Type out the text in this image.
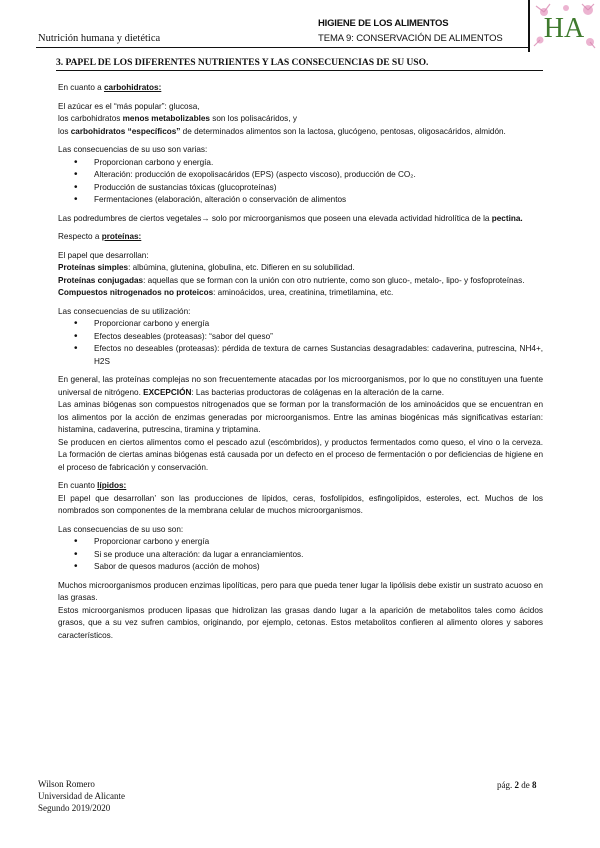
Nutrición humana y dietética
HIGIENE DE LOS ALIMENTOS
TEMA 9: CONSERVACIÓN DE ALIMENTOS HA
3. PAPEL DE LOS DIFERENTES NUTRIENTES Y LAS CONSECUENCIAS DE SU USO.

En cuanto a carbohidratos:

El azúcar es el “más popular”: glucosa,

los carbohidratos menos metabolizables son los polisacáridos, y

los carbohidratos “específicos” de determinados alimentos son la lactosa, glucógeno, pentosas, oligosacáridos, almidón.

Las consecuencias de su uso son varias:

• Proporcionan carbono y energía.
• Alteración: producción de exopolisacáridos (EPS) (aspecto viscoso), producción de CO₂.
• Producción de sustancias tóxicas (glucoproteínas)
• Fermentaciones (elaboración, alteración o conservación de alimentos

Las podredumbres de ciertos vegetales→ solo por microorganismos que poseen una elevada actividad hidrolítica de la pectina.

Respecto a proteínas:

El papel que desarrollan:

Proteínas simples: albúmina, glutenina, globulina, etc. Difieren en su solubilidad.

Proteínas conjugadas: aquellas que se forman con la unión con otro nutriente, como son gluco-, metalo-, lipo- y fosfoproteínas.

Compuestos nitrogenados no proteicos: aminoácidos, urea, creatinina, trimetilamina, etc.

Las consecuencias de su utilización:

• Proporcionar carbono y energía
• Efectos deseables (proteasas): “sabor del queso”
• Efectos no deseables (proteasas): pérdida de textura de carnes Sustancias desagradables: cadaverina, putrescina, NH4+, H2S

En general, las proteínas complejas no son frecuentemente atacadas por los microorganismos, por lo que no constituyen una fuente universal de nitrógeno. EXCEPCIÓN: Las bacterias productoras de colágenas en la alteración de la carne.

Las aminas biógenas son compuestos nitrogenados que se forman por la transformación de los aminoácidos que se encuentran en los alimentos por la acción de enzimas generadas por microorganismos. Entre las aminas biogénicas más significativas estarían: histamina, cadaverina, putrescina, tiramina y triptamina.

Se producen en ciertos alimentos como el pescado azul (escómbridos), y productos fermentados como queso, el vino o la cerveza. La formación de ciertas aminas biógenas está causada por un defecto en el proceso de fermentación o por deficiencias de higiene en el proceso de fabricación y conservación.

En cuanto lípidos:

El papel que desarrollan’ son las producciones de lípidos, ceras, fosfolípidos, esfingolípidos, esteroles, ect. Muchos de los nombrados son componentes de la membrana celular de muchos microorganismos.

Las consecuencias de su uso son:

• Proporcionar carbono y energía
• Si se produce una alteración: da lugar a enranciamientos.
• Sabor de quesos maduros (acción de mohos)

Muchos microorganismos producen enzimas lipolíticas, pero para que pueda tener lugar la lipólisis debe existir un sustrato acuoso en las grasas.

Estos microorganismos producen lipasas que hidrolizan las grasas dando lugar a la aparición de metabolitos tales como ácidos grasos, que a su vez sufren cambios, originando, por ejemplo, cetonas. Estos metabolitos confieren al alimento olores y sabores característicos.

Wilson Romero
Universidad de Alicante
Segundo 2019/2020
pág. 2 de 8
